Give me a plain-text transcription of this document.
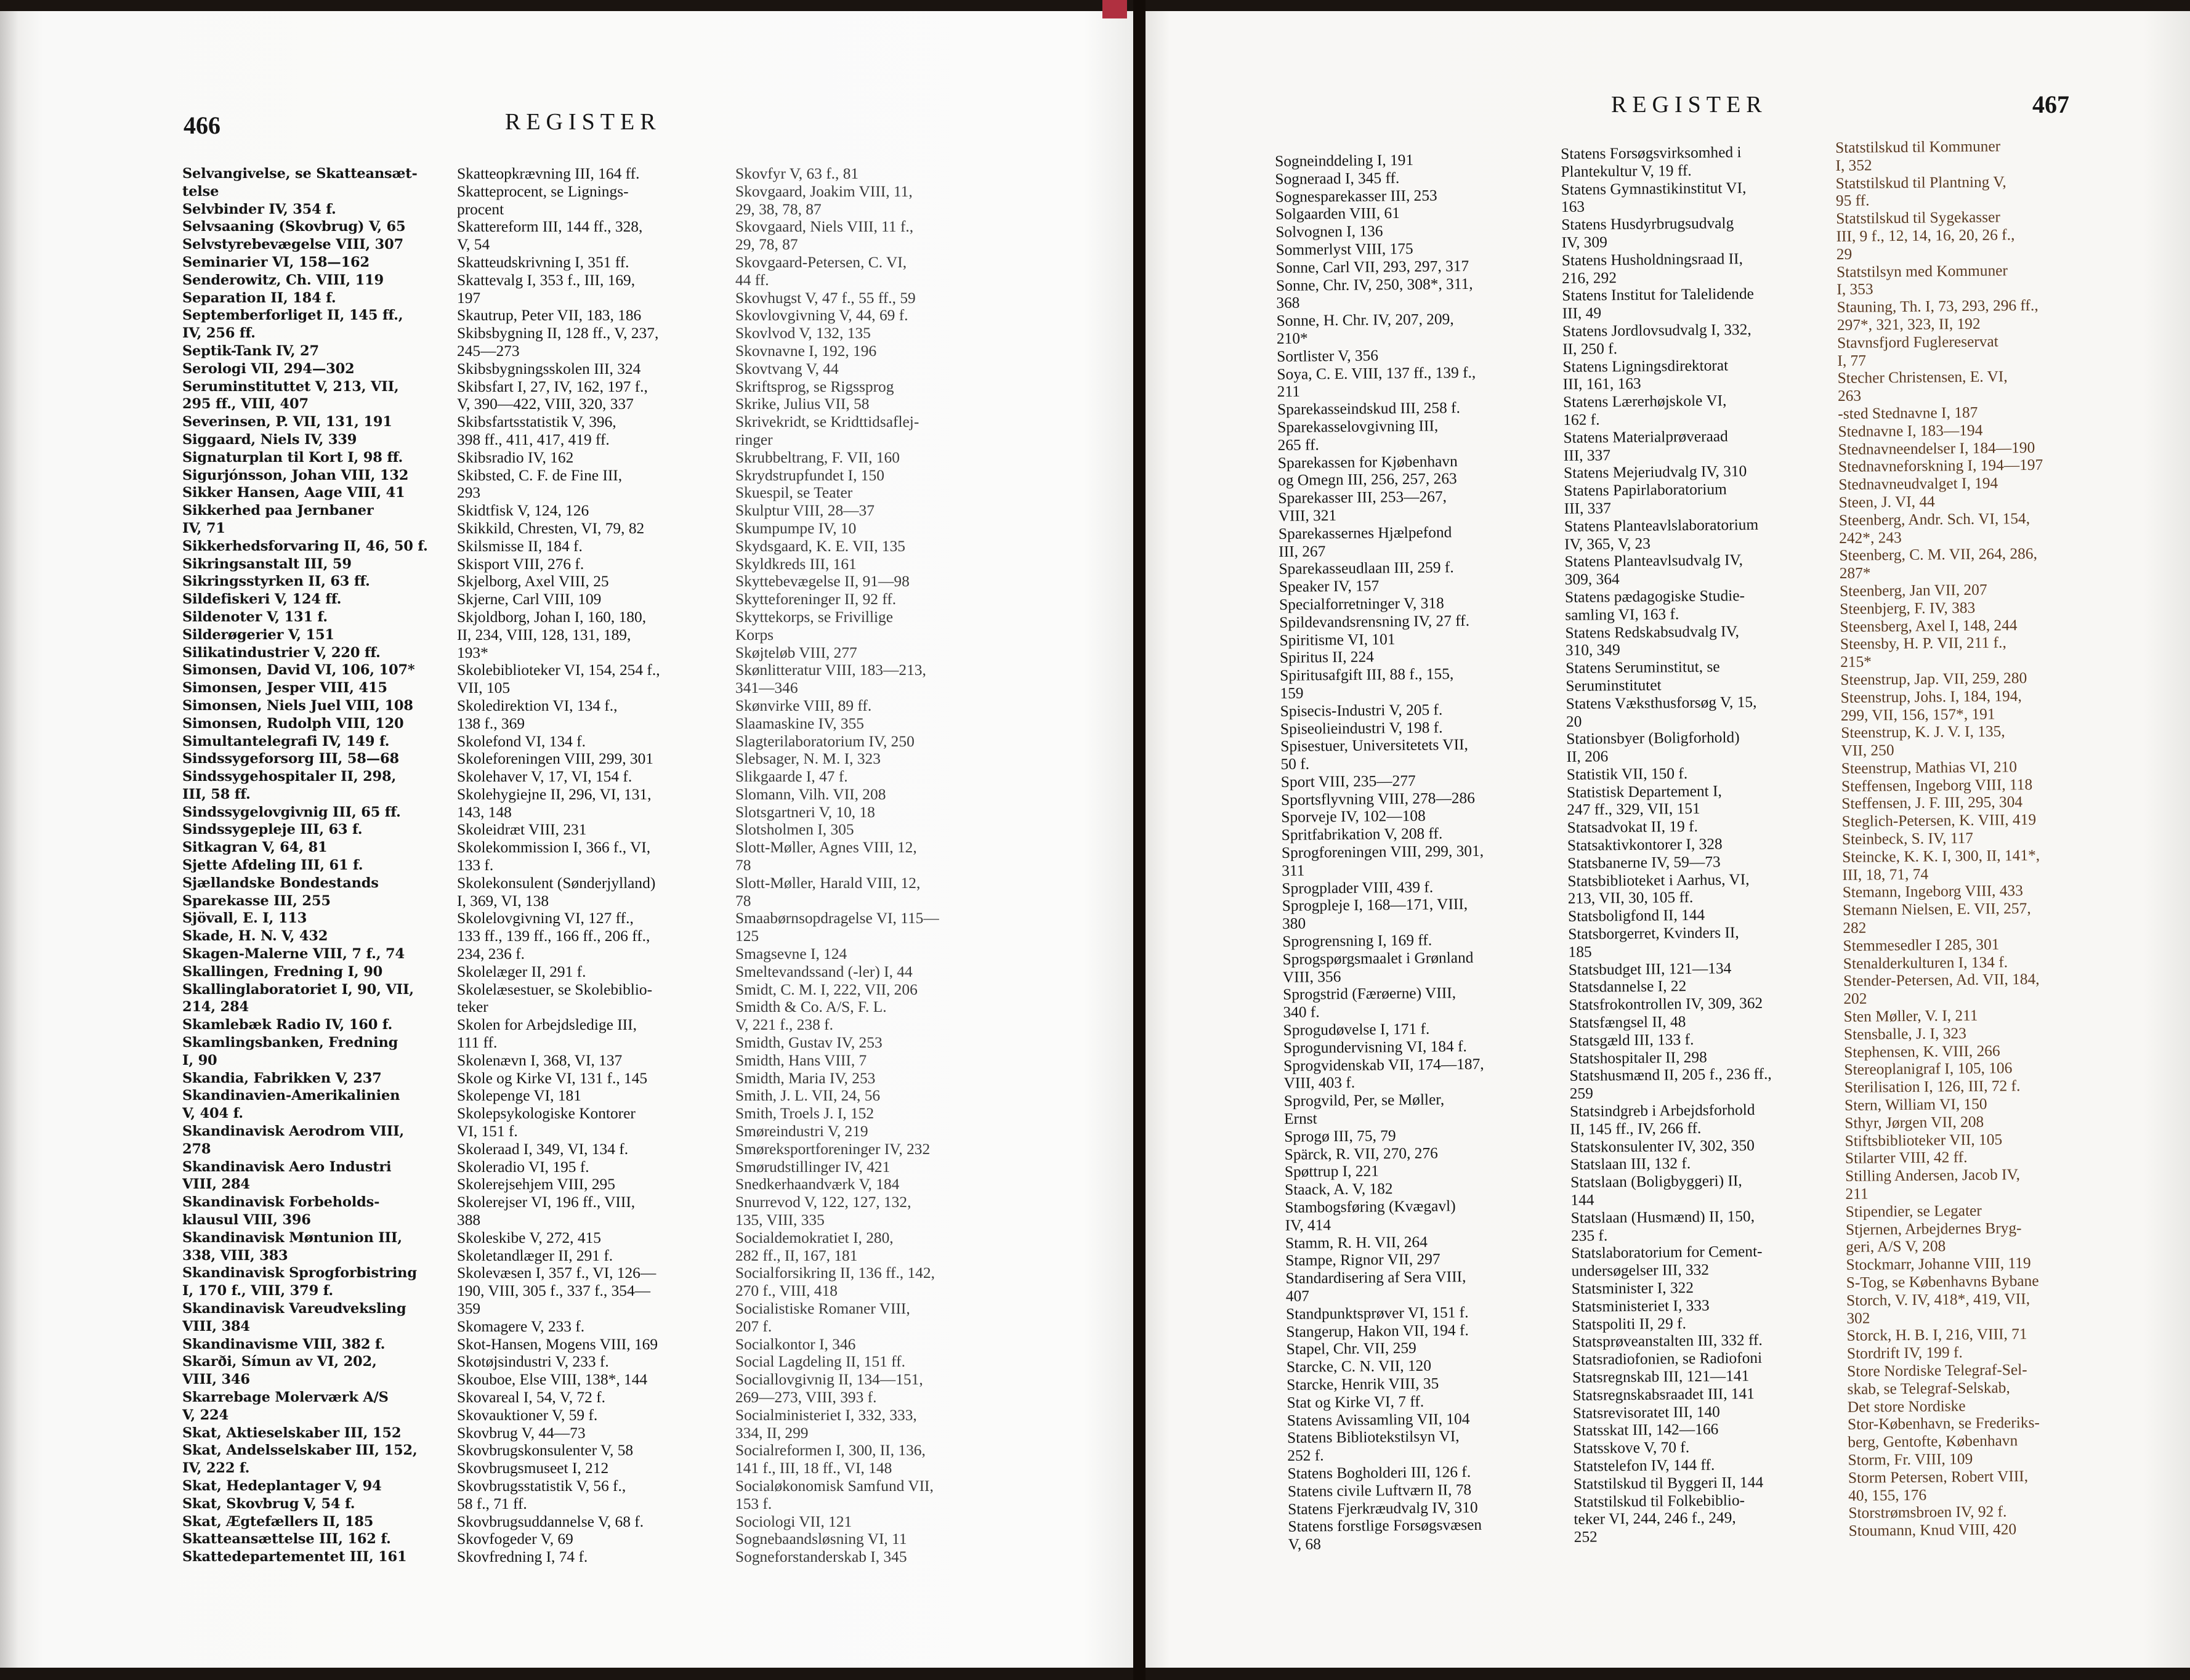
466	REGISTER
Selvangivelse, se Skatteansæt-
telse
Selvbinder IV, 354 f.
Selvsaaning (Skovbrug) V, 65
Selvstyrebevægelse VIII, 307
Seminarier VI, 158—162
Senderowitz, Ch. VIII, 119
Separation II, 184 f.
Septemberforliget II, 145 ff.,
IV, 256 ff.
Septik-Tank IV, 27
Serologi VII, 294—302
Seruminstituttet V, 213, VII,
295 ff., VIII, 407
Severinsen, P. VII, 131, 191
Siggaard, Niels IV, 339
Signaturplan til Kort I, 98 ff.
Sigurjónsson, Johan VIII, 132
Sikker Hansen, Aage VIII, 41
Sikkerhed paa Jernbaner
IV, 71
Sikkerhedsforvaring II, 46, 50 f.
Sikringsanstalt III, 59
Sikringsstyrken II, 63 ff.
Sildefiskeri V, 124 ff.
Sildenoter V, 131 f.
Silderøgerier V, 151
Silikatindustrier V, 220 ff.
Simonsen, David VI, 106, 107*
Simonsen, Jesper VIII, 415
Simonsen, Niels Juel VIII, 108
Simonsen, Rudolph VIII, 120
Simultantelegrafi IV, 149 f.
Sindssygeforsorg III, 58—68
Sindssygehospitaler II, 298,
III, 58 ff.
Sindssygelovgivnig III, 65 ff.
Sindssygepleje III, 63 f.
Sitkagran V, 64, 81
Sjette Afdeling III, 61 f.
Sjællandske Bondestands
Sparekasse III, 255
Sjövall, E. I, 113
Skade, H. N. V, 432
Skagen-Malerne VIII, 7 f., 74
Skallingen, Fredning I, 90
Skallinglaboratoriet I, 90, VII,
214, 284
Skamlebæk Radio IV, 160 f.
Skamlingsbanken, Fredning
I, 90
Skandia, Fabrikken V, 237
Skandinavien-Amerikalinien
V, 404 f.
Skandinavisk Aerodrom VIII,
278
Skandinavisk Aero Industri
VIII, 284
Skandinavisk Forbeholds-
klausul VIII, 396
Skandinavisk Møntunion III,
338, VIII, 383
Skandinavisk Sprogforbistring
I, 170 f., VIII, 379 f.
Skandinavisk Vareudveksling
VIII, 384
Skandinavisme VIII, 382 f.
Skarði, Símun av VI, 202,
VIII, 346
Skarrebage Molerværk A/S
V, 224
Skat, Aktieselskaber III, 152
Skat, Andelsselskaber III, 152,
IV, 222 f.
Skat, Hedeplantager V, 94
Skat, Skovbrug V, 54 f.
Skat, Ægtefællers II, 185
Skatteansættelse III, 162 f.
Skattedepartementet III, 161
Skatteopkrævning III, 164 ff.
Skatteprocent, se Lignings-
procent
Skattereform III, 144 ff., 328,
V, 54
Skatteudskrivning I, 351 ff.
Skattevalg I, 353 f., III, 169,
197
Skautrup, Peter VII, 183, 186
Skibsbygning II, 128 ff., V, 237,
245—273
Skibsbygningsskolen III, 324
Skibsfart I, 27, IV, 162, 197 f.,
V, 390—422, VIII, 320, 337
Skibsfartsstatistik V, 396,
398 ff., 411, 417, 419 ff.
Skibsradio IV, 162
Skibsted, C. F. de Fine III,
293
Skidtfisk V, 124, 126
Skikkild, Chresten, VI, 79, 82
Skilsmisse II, 184 f.
Skisport VIII, 276 f.
Skjelborg, Axel VIII, 25
Skjerne, Carl VIII, 109
Skjoldborg, Johan I, 160, 180,
II, 234, VIII, 128, 131, 189,
193*
Skolebiblioteker VI, 154, 254 f.,
VII, 105
Skoledirektion VI, 134 f.,
138 f., 369
Skolefond VI, 134 f.
Skoleforeningen VIII, 299, 301
Skolehaver V, 17, VI, 154 f.
Skolehygiejne II, 296, VI, 131,
143, 148
Skoleidræt VIII, 231
Skolekommission I, 366 f., VI,
133 f.
Skolekonsulent (Sønderjylland)
I, 369, VI, 138
Skolelovgivning VI, 127 ff.,
133 ff., 139 ff., 166 ff., 206 ff.,
234, 236 f.
Skolelæger II, 291 f.
Skolelæsestuer, se Skolebiblio-
teker
Skolen for Arbejdsledige III,
111 ff.
Skolenævn I, 368, VI, 137
Skole og Kirke VI, 131 f., 145
Skolepenge VI, 181
Skolepsykologiske Kontorer
VI, 151 f.
Skoleraad I, 349, VI, 134 f.
Skoleradio VI, 195 f.
Skolerejsehjem VIII, 295
Skolerejser VI, 196 ff., VIII,
388
Skoleskibe V, 272, 415
Skoletandlæger II, 291 f.
Skolevæsen I, 357 f., VI, 126—
190, VIII, 305 f., 337 f., 354—
359
Skomagere V, 233 f.
Skot-Hansen, Mogens VIII, 169
Skotøjsindustri V, 233 f.
Skouboe, Else VIII, 138*, 144
Skovareal I, 54, V, 72 f.
Skovauktioner V, 59 f.
Skovbrug V, 44—73
Skovbrugskonsulenter V, 58
Skovbrugsmuseet I, 212
Skovbrugsstatistik V, 56 f.,
58 f., 71 ff.
Skovbrugsuddannelse V, 68 f.
Skovfogeder V, 69
Skovfredning I, 74 f.
Skovfyr V, 63 f., 81
Skovgaard, Joakim VIII, 11,
29, 38, 78, 87
Skovgaard, Niels VIII, 11 f.,
29, 78, 87
Skovgaard-Petersen, C. VI,
44 ff.
Skovhugst V, 47 f., 55 ff., 59
Skovlovgivning V, 44, 69 f.
Skovlvod V, 132, 135
Skovnavne I, 192, 196
Skovtvang V, 44
Skriftsprog, se Rigssprog
Skrike, Julius VII, 58
Skrivekridt, se Kridttidsaflej-
ringer
Skrubbeltrang, F. VII, 160
Skrydstrupfundet I, 150
Skuespil, se Teater
Skulptur VIII, 28—37
Skumpumpe IV, 10
Skydsgaard, K. E. VII, 135
Skyldkreds III, 161
Skyttebevægelse II, 91—98
Skytteforeninger II, 92 ff.
Skyttekorps, se Frivillige
Korps
Skøjteløb VIII, 277
Skønlitteratur VIII, 183—213,
341—346
Skønvirke VIII, 89 ff.
Slaamaskine IV, 355
Slagterilaboratorium IV, 250
Slebsager, N. M. I, 323
Slikgaarde I, 47 f.
Slomann, Vilh. VII, 208
Slotsgartneri V, 10, 18
Slotsholmen I, 305
Slott-Møller, Agnes VIII, 12,
78
Slott-Møller, Harald VIII, 12,
78
Smaabørnsopdragelse VI, 115—
125
Smagsevne I, 124
Smeltevandssand (-ler) I, 44
Smidt, C. M. I, 222, VII, 206
Smidth & Co. A/S, F. L.
V, 221 f., 238 f.
Smidth, Gustav IV, 253
Smidth, Hans VIII, 7
Smidth, Maria IV, 253
Smith, J. L. VII, 24, 56
Smith, Troels J. I, 152
Smøreindustri V, 219
Smøreksportforeninger IV, 232
Smørudstillinger IV, 421
Snedkerhaandværk V, 184
Snurrevod V, 122, 127, 132,
135, VIII, 335
Socialdemokratiet I, 280,
282 ff., II, 167, 181
Socialforsikring II, 136 ff., 142,
270 f., VIII, 418
Socialistiske Romaner VIII,
207 f.
Socialkontor I, 346
Social Lagdeling II, 151 ff.
Sociallovgivnig II, 134—151,
269—273, VIII, 393 f.
Socialministeriet I, 332, 333,
334, II, 299
Socialreformen I, 300, II, 136,
141 f., III, 18 ff., VI, 148
Socialøkonomisk Samfund VII,
153 f.
Sociologi VII, 121
Sognebaandsløsning VI, 11
Sogneforstanderskab I, 345
REGISTER	467
Sogneinddeling I, 191
Sogneraad I, 345 ff.
Sognesparekasser III, 253
Solgaarden VIII, 61
Solvognen I, 136
Sommerlyst VIII, 175
Sonne, Carl VII, 293, 297, 317
Sonne, Chr. IV, 250, 308*, 311,
368
Sonne, H. Chr. IV, 207, 209,
210*
Sortlister V, 356
Soya, C. E. VIII, 137 ff., 139 f.,
211
Sparekasseindskud III, 258 f.
Sparekasselovgivning III,
265 ff.
Sparekassen for Kjøbenhavn
og Omegn III, 256, 257, 263
Sparekasser III, 253—267,
VIII, 321
Sparekassernes Hjælpefond
III, 267
Sparekasseudlaan III, 259 f.
Speaker IV, 157
Specialforretninger V, 318
Spildevandsrensning IV, 27 ff.
Spiritisme VI, 101
Spiritus II, 224
Spiritusafgift III, 88 f., 155,
159
Spisecis-Industri V, 205 f.
Spiseolieindustri V, 198 f.
Spisestuer, Universitetets VII,
50 f.
Sport VIII, 235—277
Sportsflyvning VIII, 278—286
Sporveje IV, 102—108
Spritfabrikation V, 208 ff.
Sprogforeningen VIII, 299, 301,
311
Sprogplader VIII, 439 f.
Sprogpleje I, 168—171, VIII,
380
Sprogrensning I, 169 ff.
Sprogspørgsmaalet i Grønland
VIII, 356
Sprogstrid (Færøerne) VIII,
340 f.
Sprogudøvelse I, 171 f.
Sprogundervisning VI, 184 f.
Sprogvidenskab VII, 174—187,
VIII, 403 f.
Sprogvild, Per, se Møller,
Ernst
Sprogø III, 75, 79
Spärck, R. VII, 270, 276
Spøttrup I, 221
Staack, A. V, 182
Stambogsføring (Kvægavl)
IV, 414
Stamm, R. H. VII, 264
Stampe, Rignor VII, 297
Standardisering af Sera VIII,
407
Standpunktsprøver VI, 151 f.
Stangerup, Hakon VII, 194 f.
Stapel, Chr. VII, 259
Starcke, C. N. VII, 120
Starcke, Henrik VIII, 35
Stat og Kirke VI, 7 ff.
Statens Avissamling VII, 104
Statens Bibliotekstilsyn VI,
252 f.
Statens Bogholderi III, 126 f.
Statens civile Luftværn II, 78
Statens Fjerkræudvalg IV, 310
Statens forstlige Forsøgsvæsen
V, 68
Statens Forsøgsvirksomhed i
Plantekultur V, 19 ff.
Statens Gymnastikinstitut VI,
163
Statens Husdyrbrugsudvalg
IV, 309
Statens Husholdningsraad II,
216, 292
Statens Institut for Talelidende
III, 49
Statens Jordlovsudvalg I, 332,
II, 250 f.
Statens Ligningsdirektorat
III, 161, 163
Statens Lærerhøjskole VI,
162 f.
Statens Materialprøveraad
III, 337
Statens Mejeriudvalg IV, 310
Statens Papirlaboratorium
III, 337
Statens Planteavlslaboratorium
IV, 365, V, 23
Statens Planteavlsudvalg IV,
309, 364
Statens pædagogiske Studie-
samling VI, 163 f.
Statens Redskabsudvalg IV,
310, 349
Statens Seruminstitut, se
Seruminstitutet
Statens Væksthusforsøg V, 15,
20
Stationsbyer (Boligforhold)
II, 206
Statistik VII, 150 f.
Statistisk Departement I,
247 ff., 329, VII, 151
Statsadvokat II, 19 f.
Statsaktivkontorer I, 328
Statsbanerne IV, 59—73
Statsbiblioteket i Aarhus, VI,
213, VII, 30, 105 ff.
Statsboligfond II, 144
Statsborgerret, Kvinders II,
185
Statsbudget III, 121—134
Statsdannelse I, 22
Statsfrokontrollen IV, 309, 362
Statsfængsel II, 48
Statsgæld III, 133 f.
Statshospitaler II, 298
Statshusmænd II, 205 f., 236 ff.,
259
Statsindgreb i Arbejdsforhold
II, 145 ff., IV, 266 ff.
Statskonsulenter IV, 302, 350
Statslaan III, 132 f.
Statslaan (Boligbyggeri) II,
144
Statslaan (Husmænd) II, 150,
235 f.
Statslaboratorium for Cement-
undersøgelser III, 332
Statsminister I, 322
Statsministeriet I, 333
Statspoliti II, 29 f.
Statsprøveanstalten III, 332 ff.
Statsradiofonien, se Radiofoni
Statsregnskab III, 121—141
Statsregnskabsraadet III, 141
Statsrevisoratet III, 140
Statsskat III, 142—166
Statsskove V, 70 f.
Statstelefon IV, 144 ff.
Statstilskud til Byggeri II, 144
Statstilskud til Folkebiblio-
teker VI, 244, 246 f., 249,
252
Statstilskud til Kommuner
I, 352
Statstilskud til Plantning V,
95 ff.
Statstilskud til Sygekasser
III, 9 f., 12, 14, 16, 20, 26 f.,
29
Statstilsyn med Kommuner
I, 353
Stauning, Th. I, 73, 293, 296 ff.,
297*, 321, 323, II, 192
Stavnsfjord Fuglereservat
I, 77
Stecher Christensen, E. VI,
263
-sted Stednavne I, 187
Stednavne I, 183—194
Stednavneendelser I, 184—190
Stednavneforskning I, 194—197
Stednavneudvalget I, 194
Steen, J. VI, 44
Steenberg, Andr. Sch. VI, 154,
242*, 243
Steenberg, C. M. VII, 264, 286,
287*
Steenberg, Jan VII, 207
Steenbjerg, F. IV, 383
Steensberg, Axel I, 148, 244
Steensby, H. P. VII, 211 f.,
215*
Steenstrup, Jap. VII, 259, 280
Steenstrup, Johs. I, 184, 194,
299, VII, 156, 157*, 191
Steenstrup, K. J. V. I, 135,
VII, 250
Steenstrup, Mathias VI, 210
Steffensen, Ingeborg VIII, 118
Steffensen, J. F. III, 295, 304
Steglich-Petersen, K. VIII, 419
Steinbeck, S. IV, 117
Steincke, K. K. I, 300, II, 141*,
III, 18, 71, 74
Stemann, Ingeborg VIII, 433
Stemann Nielsen, E. VII, 257,
282
Stemmesedler I 285, 301
Stenalderkulturen I, 134 f.
Stender-Petersen, Ad. VII, 184,
202
Sten Møller, V. I, 211
Stensballe, J. I, 323
Stephensen, K. VIII, 266
Stereoplanigraf I, 105, 106
Sterilisation I, 126, III, 72 f.
Stern, William VI, 150
Sthyr, Jørgen VII, 208
Stiftsbiblioteker VII, 105
Stilarter VIII, 42 ff.
Stilling Andersen, Jacob IV,
211
Stipendier, se Legater
Stjernen, Arbejdernes Bryg-
geri, A/S V, 208
Stockmarr, Johanne VIII, 119
S-Tog, se Københavns Bybane
Storch, V. IV, 418*, 419, VII,
302
Storck, H. B. I, 216, VIII, 71
Stordrift IV, 199 f.
Store Nordiske Telegraf-Sel-
skab, se Telegraf-Selskab,
Det store Nordiske
Stor-København, se Frederiks-
berg, Gentofte, København
Storm, Fr. VIII, 109
Storm Petersen, Robert VIII,
40, 155, 176
Storstrømsbroen IV, 92 f.
Stoumann, Knud VIII, 420
